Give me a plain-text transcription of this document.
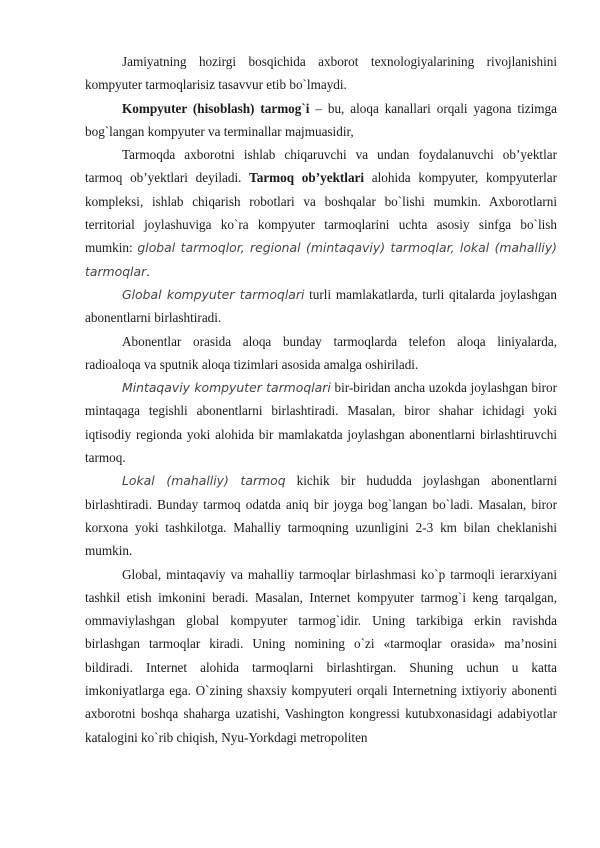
Jamiyatning hozirgi bosqichida axborot texnologiyalarining rivojlanishini kompyuter tarmoqlarisiz tasavvur etib bo`lmaydi.

Kompyuter (hisoblash) tarmog`i – bu, aloqa kanallari orqali yagona tizimga bog`langan kompyuter va terminallar majmuasidir,

Tarmoqda axborotni ishlab chiqaruvchi va undan foydalanuvchi ob’yektlar tarmoq ob’yektlari deyiladi. Tarmoq ob’yektlari alohida kompyuter, kompyuterlar kompleksi, ishlab chiqarish robotlari va boshqalar bo`lishi mumkin. Axborotlarni territorial joylashuviga ko`ra kompyuter tarmoqlarini uchta asosiy sinfga bo`lish mumkin: global tarmoqlor, regional (mintaqaviy) tarmoqlar, lokal (mahalliy) tarmoqlar.

Global kompyuter tarmoqlari turli mamlakatlarda, turli qitalarda joylashgan abonentlarni birlashtiradi.

Abonentlar orasida aloqa bunday tarmoqlarda telefon aloqa liniyalarda, radioaloqa va sputnik aloqa tizimlari asosida amalga oshiriladi.

Mintaqaviy kompyuter tarmoqlari bir-biridan ancha uzokda joylashgan biror mintaqaga tegishli abonentlarni birlashtiradi. Masalan, biror shahar ichidagi yoki iqtisodiy regionda yoki alohida bir mamlakatda joylashgan abonentlarni birlashtiruvchi tarmoq.

Lokal (mahalliy) tarmoq kichik bir hududda joylashgan abonentlarni birlashtiradi. Bunday tarmoq odatda aniq bir joyga bog`langan bo`ladi. Masalan, biror korxona yoki tashkilotga. Mahalliy tarmoqning uzunligini 2-3 km bilan cheklanishi mumkin.

Global, mintaqaviy va mahalliy tarmoqlar birlashmasi ko`p tarmoqli ierarxiyani tashkil etish imkonini beradi. Masalan, Internet kompyuter tarmog`i keng tarqalgan, ommaviylashgan global kompyuter tarmog`idir. Uning tarkibiga erkin ravishda birlashgan tarmoqlar kiradi. Uning nomining o`zi «tarmoqlar orasida» ma’nosini bildiradi. Internet alohida tarmoqlarni birlashtirgan. Shuning uchun u katta imkoniyatlarga ega. O`zining shaxsiy kompyuteri orqali Internetning ixtiyoriy abonenti axborotni boshqa shaharga uzatishi, Vashington kongressi kutubxonasidagi adabiyotlar katalogini ko`rib chiqish, Nyu-Yorkdagi metropoliten
